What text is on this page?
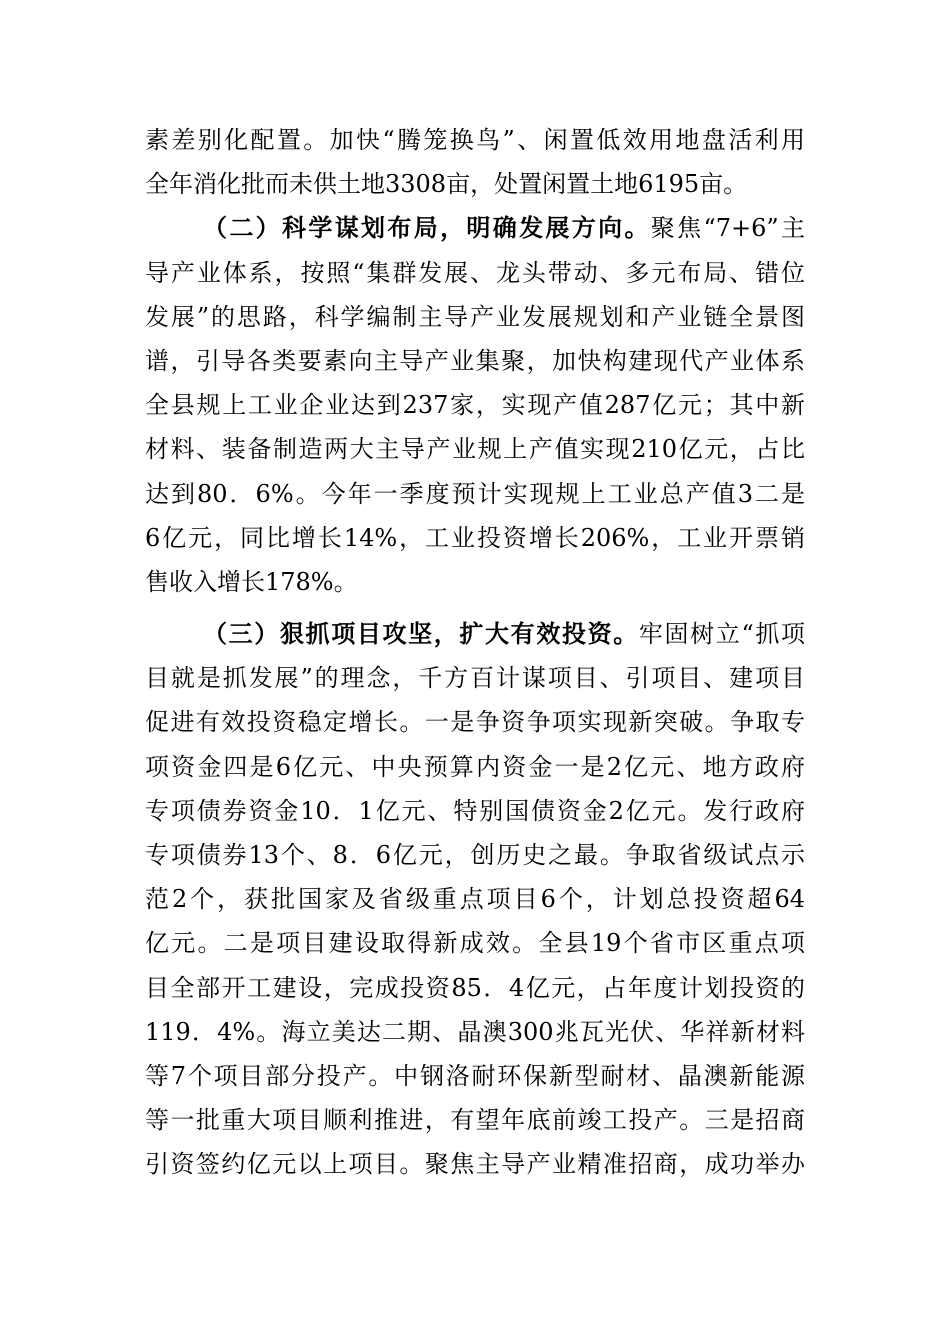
素差别化配置。加快“腾笼换鸟”、闲置低效用地盘活利用
全年消化批而未供土地3308亩，处置闲置土地6195亩。
（二）科学谋划布局，明确发展方向。聚焦“7+6”主
导产业体系，按照“集群发展、龙头带动、多元布局、错位
发展”的思路，科学编制主导产业发展规划和产业链全景图
谱，引导各类要素向主导产业集聚，加快构建现代产业体系
全县规上工业企业达到237家，实现产值287亿元；其中新
材料、装备制造两大主导产业规上产值实现210亿元，占比
达到80．6%。今年一季度预计实现规上工业总产值3二是
6亿元，同比增长14%，工业投资增长206%，工业开票销
售收入增长178%。
（三）狠抓项目攻坚，扩大有效投资。牢固树立“抓项
目就是抓发展”的理念，千方百计谋项目、引项目、建项目
促进有效投资稳定增长。一是争资争项实现新突破。争取专
项资金四是6亿元、中央预算内资金一是2亿元、地方政府
专项债券资金10．1亿元、特别国债资金2亿元。发行政府
专项债券13个、8．6亿元，创历史之最。争取省级试点示
范2个，获批国家及省级重点项目6个，计划总投资超64
亿元。二是项目建设取得新成效。全县19个省市区重点项
目全部开工建设，完成投资85．4亿元，占年度计划投资的
119．4%。海立美达二期、晶澳300兆瓦光伏、华祥新材料
等7个项目部分投产。中钢洛耐环保新型耐材、晶澳新能源
等一批重大项目顺利推进，有望年底前竣工投产。三是招商
引资签约亿元以上项目。聚焦主导产业精准招商，成功举办
